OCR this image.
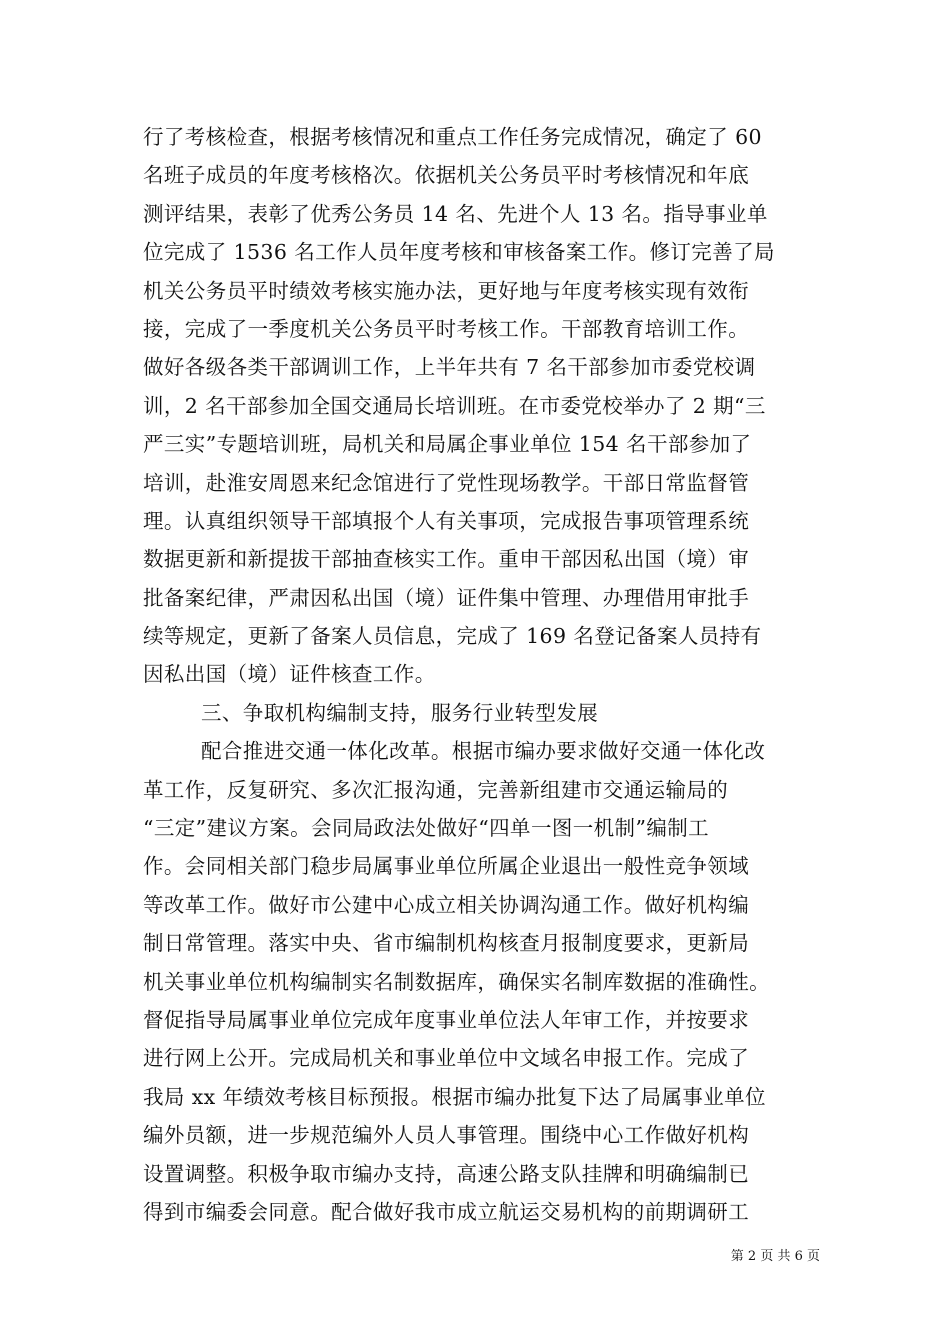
行了考核检查，根据考核情况和重点工作任务完成情况，确定了 60
名班子成员的年度考核格次。依据机关公务员平时考核情况和年底
测评结果，表彰了优秀公务员 14 名、先进个人 13 名。指导事业单
位完成了 1536 名工作人员年度考核和审核备案工作。修订完善了局
机关公务员平时绩效考核实施办法，更好地与年度考核实现有效衔
接，完成了一季度机关公务员平时考核工作。干部教育培训工作。
做好各级各类干部调训工作，上半年共有 7 名干部参加市委党校调
训，2 名干部参加全国交通局长培训班。在市委党校举办了 2 期“三
严三实”专题培训班，局机关和局属企事业单位 154 名干部参加了
培训，赴淮安周恩来纪念馆进行了党性现场教学。干部日常监督管
理。认真组织领导干部填报个人有关事项，完成报告事项管理系统
数据更新和新提拔干部抽查核实工作。重申干部因私出国（境）审
批备案纪律，严肃因私出国（境）证件集中管理、办理借用审批手
续等规定，更新了备案人员信息，完成了 169 名登记备案人员持有
因私出国（境）证件核查工作。
三、争取机构编制支持，服务行业转型发展
配合推进交通一体化改革。根据市编办要求做好交通一体化改
革工作，反复研究、多次汇报沟通，完善新组建市交通运输局的
“三定”建议方案。会同局政法处做好“四单一图一机制”编制工
作。会同相关部门稳步局属事业单位所属企业退出一般性竞争领域
等改革工作。做好市公建中心成立相关协调沟通工作。做好机构编
制日常管理。落实中央、省市编制机构核查月报制度要求，更新局
机关事业单位机构编制实名制数据库，确保实名制库数据的准确性。
督促指导局属事业单位完成年度事业单位法人年审工作，并按要求
进行网上公开。完成局机关和事业单位中文域名申报工作。完成了
我局 xx 年绩效考核目标预报。根据市编办批复下达了局属事业单位
编外员额，进一步规范编外人员人事管理。围绕中心工作做好机构
设置调整。积极争取市编办支持，高速公路支队挂牌和明确编制已
得到市编委会同意。配合做好我市成立航运交易机构的前期调研工
第 2 页 共 6 页
